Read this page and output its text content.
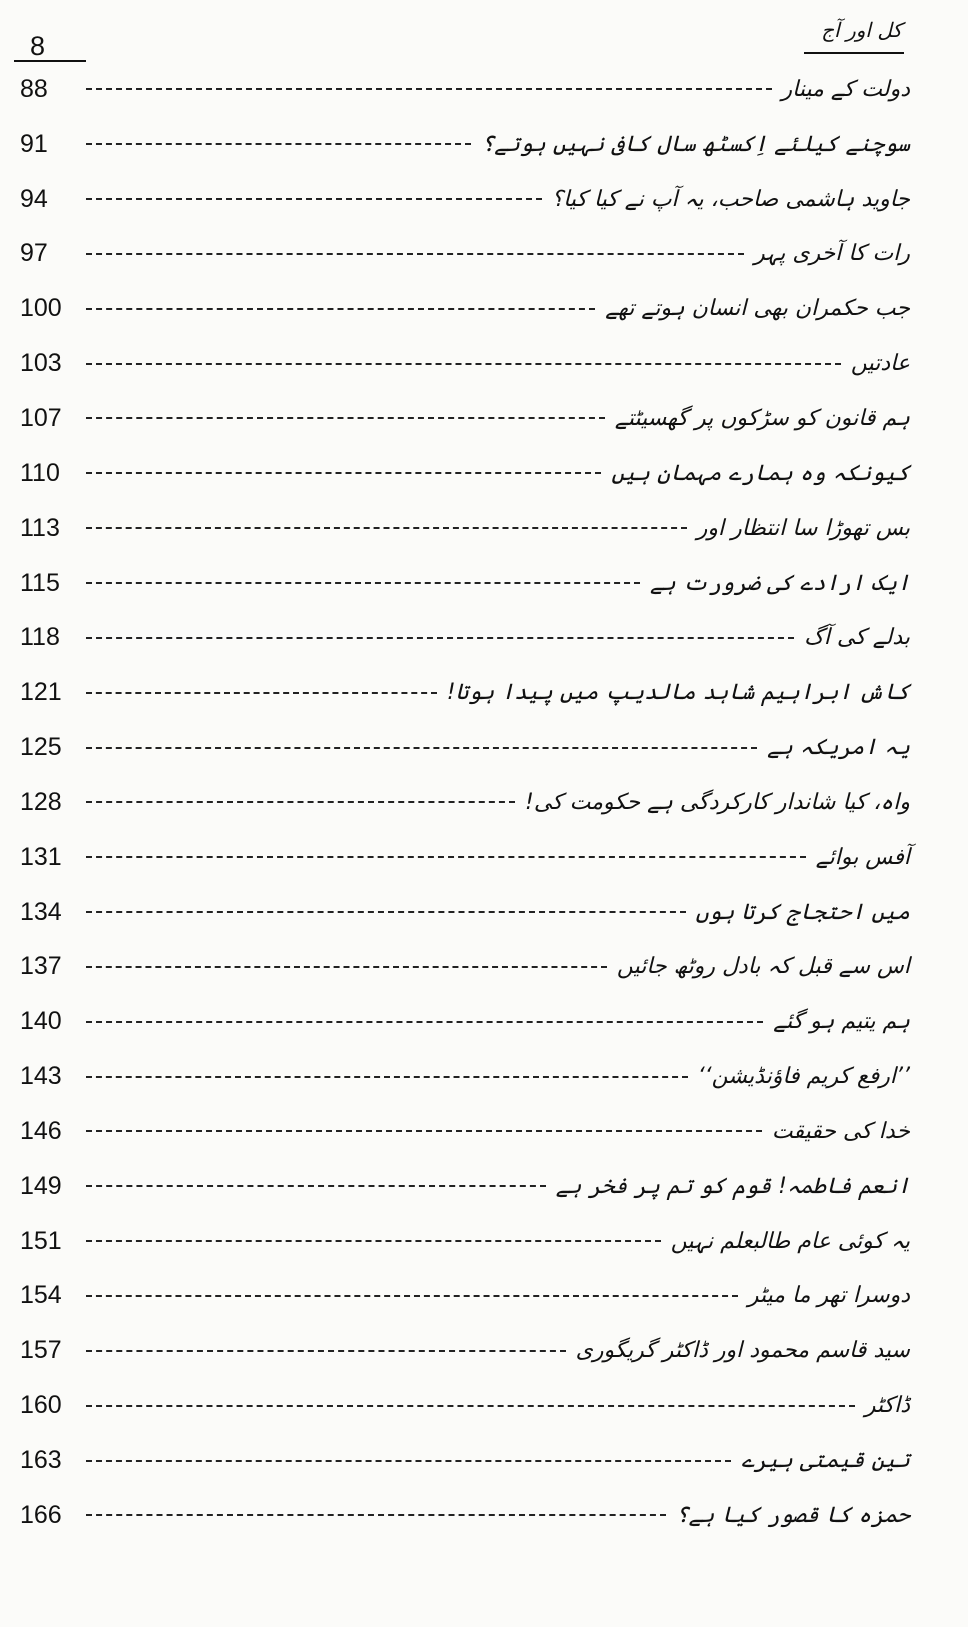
8
کل اور آج
88	دولت کے مینار
91	سوچنے کیلئے اِکسٹھ سال کافی نہیں ہوتے؟
94	جاوید ہاشمی صاحب، یہ آپ نے کیا کیا؟
97	رات کا آخری پہر
100	جب حکمران بھی انسان ہوتے تھے
103	عادتیں
107	ہم قانون کو سڑکوں پر گھسیٹتے
110	کیونکہ وہ ہمارے مہمان ہیں
113	بس تھوڑا سا انتظار اور
115	ایک ارادے کی ضرورت ہے
118	بدلے کی آگ
121	کاش ابراہیم شاہد مالدیپ میں پیدا ہوتا!
125	یہ امریکہ ہے
128	واہ، کیا شاندار کارکردگی ہے حکومت کی!
131	آفس بوائے
134	میں احتجاج کرتا ہوں
137	اس سے قبل کہ بادل روٹھ جائیں
140	ہم یتیم ہو گئے
143	’’ارفع کریم فاؤنڈیشن‘‘
146	خدا کی حقیقت
149	انعم فاطمہ! قوم کو تم پر فخر ہے
151	یہ کوئی عام طالبعلم نہیں
154	دوسرا تھر ما میٹر
157	سید قاسم محمود اور ڈاکٹر گریگوری
160	ڈاکٹر
163	تین قیمتی ہیرے
166	حمزہ کا قصور کیا ہے؟
